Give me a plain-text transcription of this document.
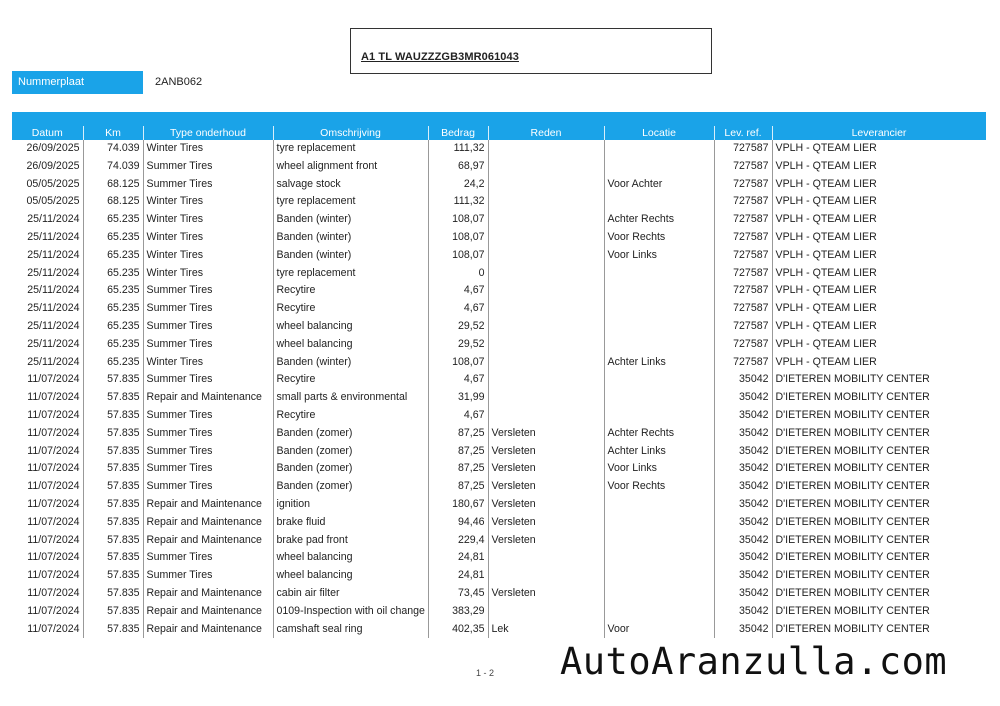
A1 TL WAUZZZGB3MR061043
Nummerplaat	2ANB062

Datum	Km	Type onderhoud	Omschrijving	Bedrag	Reden	Locatie	Lev. ref.	Leverancier
26/09/2025	74.039	Winter Tires	tyre replacement	111,32			727587	VPLH - QTEAM LIER
26/09/2025	74.039	Summer Tires	wheel alignment front	68,97			727587	VPLH - QTEAM LIER
05/05/2025	68.125	Summer Tires	salvage stock	24,2		Voor Achter	727587	VPLH - QTEAM LIER
05/05/2025	68.125	Winter Tires	tyre replacement	111,32			727587	VPLH - QTEAM LIER
25/11/2024	65.235	Winter Tires	Banden (winter)	108,07		Achter Rechts	727587	VPLH - QTEAM LIER
25/11/2024	65.235	Winter Tires	Banden (winter)	108,07		Voor Rechts	727587	VPLH - QTEAM LIER
25/11/2024	65.235	Winter Tires	Banden (winter)	108,07		Voor Links	727587	VPLH - QTEAM LIER
25/11/2024	65.235	Winter Tires	tyre replacement	0			727587	VPLH - QTEAM LIER
25/11/2024	65.235	Summer Tires	Recytire	4,67			727587	VPLH - QTEAM LIER
25/11/2024	65.235	Summer Tires	Recytire	4,67			727587	VPLH - QTEAM LIER
25/11/2024	65.235	Summer Tires	wheel balancing	29,52			727587	VPLH - QTEAM LIER
25/11/2024	65.235	Summer Tires	wheel balancing	29,52			727587	VPLH - QTEAM LIER
25/11/2024	65.235	Winter Tires	Banden (winter)	108,07		Achter Links	727587	VPLH - QTEAM LIER
11/07/2024	57.835	Summer Tires	Recytire	4,67			35042	D'IETEREN MOBILITY CENTER
11/07/2024	57.835	Repair and Maintenance	small parts & environmental	31,99			35042	D'IETEREN MOBILITY CENTER
11/07/2024	57.835	Summer Tires	Recytire	4,67			35042	D'IETEREN MOBILITY CENTER
11/07/2024	57.835	Summer Tires	Banden (zomer)	87,25	Versleten	Achter Rechts	35042	D'IETEREN MOBILITY CENTER
11/07/2024	57.835	Summer Tires	Banden (zomer)	87,25	Versleten	Achter Links	35042	D'IETEREN MOBILITY CENTER
11/07/2024	57.835	Summer Tires	Banden (zomer)	87,25	Versleten	Voor Links	35042	D'IETEREN MOBILITY CENTER
11/07/2024	57.835	Summer Tires	Banden (zomer)	87,25	Versleten	Voor Rechts	35042	D'IETEREN MOBILITY CENTER
11/07/2024	57.835	Repair and Maintenance	ignition	180,67	Versleten		35042	D'IETEREN MOBILITY CENTER
11/07/2024	57.835	Repair and Maintenance	brake fluid	94,46	Versleten		35042	D'IETEREN MOBILITY CENTER
11/07/2024	57.835	Repair and Maintenance	brake pad front	229,4	Versleten		35042	D'IETEREN MOBILITY CENTER
11/07/2024	57.835	Summer Tires	wheel balancing	24,81			35042	D'IETEREN MOBILITY CENTER
11/07/2024	57.835	Summer Tires	wheel balancing	24,81			35042	D'IETEREN MOBILITY CENTER
11/07/2024	57.835	Repair and Maintenance	cabin air filter	73,45	Versleten		35042	D'IETEREN MOBILITY CENTER
11/07/2024	57.835	Repair and Maintenance	0109-Inspection with oil change	383,29			35042	D'IETEREN MOBILITY CENTER
11/07/2024	57.835	Repair and Maintenance	camshaft seal ring	402,35	Lek	Voor	35042	D'IETEREN MOBILITY CENTER
1 - 2 AutoAranzulla.com
